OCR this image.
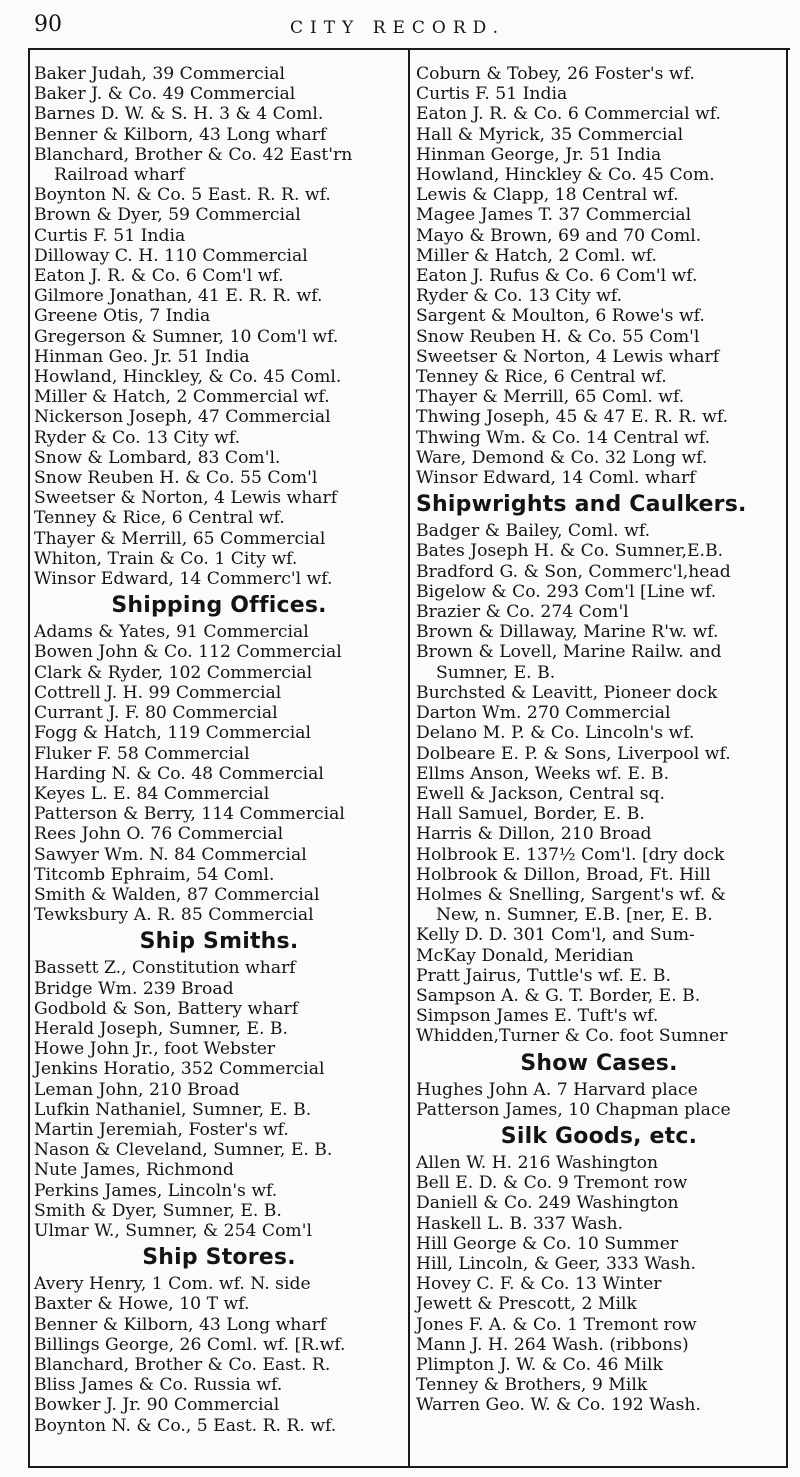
90	CITY RECORD.
Baker Judah, 39 Commercial
Baker J. & Co. 49 Commercial
Barnes D. W. & S. H. 3 & 4 Coml.
Benner & Kilborn, 43 Long wharf
Blanchard, Brother & Co. 42 East'rn
Railroad wharf
Boynton N. & Co. 5 East. R. R. wf.
Brown & Dyer, 59 Commercial
Curtis F. 51 India
Dilloway C. H. 110 Commercial
Eaton J. R. & Co. 6 Com'l wf.
Gilmore Jonathan, 41 E. R. R. wf.
Greene Otis, 7 India
Gregerson & Sumner, 10 Com'l wf.
Hinman Geo. Jr. 51 India
Howland, Hinckley, & Co. 45 Coml.
Miller & Hatch, 2 Commercial wf.
Nickerson Joseph, 47 Commercial
Ryder & Co. 13 City wf.
Snow & Lombard, 83 Com'l.
Snow Reuben H. & Co. 55 Com'l
Sweetser & Norton, 4 Lewis wharf
Tenney & Rice, 6 Central wf.
Thayer & Merrill, 65 Commercial
Whiton, Train & Co. 1 City wf.
Winsor Edward, 14 Commerc'l wf.
Shipping Offices.
Adams & Yates, 91 Commercial
Bowen John & Co. 112 Commercial
Clark & Ryder, 102 Commercial
Cottrell J. H. 99 Commercial
Currant J. F. 80 Commercial
Fogg & Hatch, 119 Commercial
Fluker F. 58 Commercial
Harding N. & Co. 48 Commercial
Keyes L. E. 84 Commercial
Patterson & Berry, 114 Commercial
Rees John O. 76 Commercial
Sawyer Wm. N. 84 Commercial
Titcomb Ephraim, 54 Coml.
Smith & Walden, 87 Commercial
Tewksbury A. R. 85 Commercial
Ship Smiths.
Bassett Z., Constitution wharf
Bridge Wm. 239 Broad
Godbold & Son, Battery wharf
Herald Joseph, Sumner, E. B.
Howe John Jr., foot Webster
Jenkins Horatio, 352 Commercial
Leman John, 210 Broad
Lufkin Nathaniel, Sumner, E. B.
Martin Jeremiah, Foster's wf.
Nason & Cleveland, Sumner, E. B.
Nute James, Richmond
Perkins James, Lincoln's wf.
Smith & Dyer, Sumner, E. B.
Ulmar W., Sumner, & 254 Com'l
Ship Stores.
Avery Henry, 1 Com. wf. N. side
Baxter & Howe, 10 T wf.
Benner & Kilborn, 43 Long wharf
Billings George, 26 Coml. wf. [R.wf.
Blanchard, Brother & Co. East. R.
Bliss James & Co. Russia wf.
Bowker J. Jr. 90 Commercial
Boynton N. & Co., 5 East. R. R. wf.
Coburn & Tobey, 26 Foster's wf.
Curtis F. 51 India
Eaton J. R. & Co. 6 Commercial wf.
Hall & Myrick, 35 Commercial
Hinman George, Jr. 51 India
Howland, Hinckley & Co. 45 Com.
Lewis & Clapp, 18 Central wf.
Magee James T. 37 Commercial
Mayo & Brown, 69 and 70 Coml.
Miller & Hatch, 2 Coml. wf.
Eaton J. Rufus & Co. 6 Com'l wf.
Ryder & Co. 13 City wf.
Sargent & Moulton, 6 Rowe's wf.
Snow Reuben H. & Co. 55 Com'l
Sweetser & Norton, 4 Lewis wharf
Tenney & Rice, 6 Central wf.
Thayer & Merrill, 65 Coml. wf.
Thwing Joseph, 45 & 47 E. R. R. wf.
Thwing Wm. & Co. 14 Central wf.
Ware, Demond & Co. 32 Long wf.
Winsor Edward, 14 Coml. wharf
Shipwrights and Caulkers.
Badger & Bailey, Coml. wf.
Bates Joseph H. & Co. Sumner,E.B.
Bradford G. & Son, Commerc'l,head
Bigelow & Co. 293 Com'l [Line wf.
Brazier & Co. 274 Com'l
Brown & Dillaway, Marine R'w. wf.
Brown & Lovell, Marine Railw. and
Sumner, E. B.
Burchsted & Leavitt, Pioneer dock
Darton Wm. 270 Commercial
Delano M. P. & Co. Lincoln's wf.
Dolbeare E. P. & Sons, Liverpool wf.
Ellms Anson, Weeks wf. E. B.
Ewell & Jackson, Central sq.
Hall Samuel, Border, E. B.
Harris & Dillon, 210 Broad
Holbrook E. 137½ Com'l. [dry dock
Holbrook & Dillon, Broad, Ft. Hill
Holmes & Snelling, Sargent's wf. &
New, n. Sumner, E.B. [ner, E. B.
Kelly D. D. 301 Com'l, and Sum-
McKay Donald, Meridian
Pratt Jairus, Tuttle's wf. E. B.
Sampson A. & G. T. Border, E. B.
Simpson James E. Tuft's wf.
Whidden,Turner & Co. foot Sumner
Show Cases.
Hughes John A. 7 Harvard place
Patterson James, 10 Chapman place
Silk Goods, etc.
Allen W. H. 216 Washington
Bell E. D. & Co. 9 Tremont row
Daniell & Co. 249 Washington
Haskell L. B. 337 Wash.
Hill George & Co. 10 Summer
Hill, Lincoln, & Geer, 333 Wash.
Hovey C. F. & Co. 13 Winter
Jewett & Prescott, 2 Milk
Jones F. A. & Co. 1 Tremont row
Mann J. H. 264 Wash. (ribbons)
Plimpton J. W. & Co. 46 Milk
Tenney & Brothers, 9 Milk
Warren Geo. W. & Co. 192 Wash.
